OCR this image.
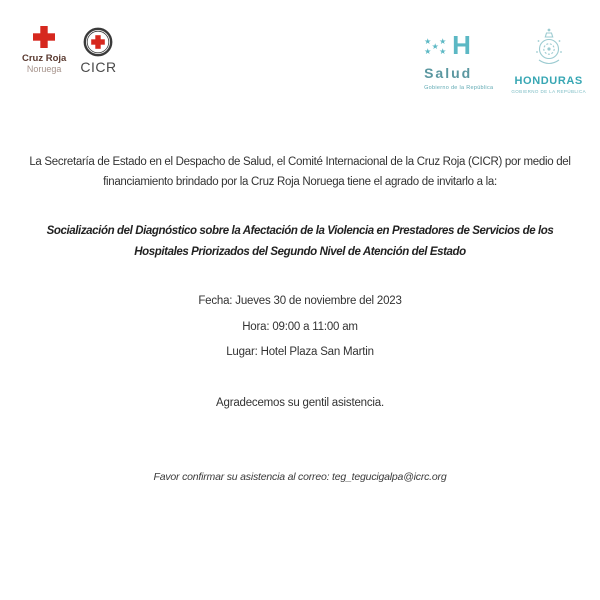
Cruz Roja
Noruega CICR
★ ★
★
★ ★ H
Salud
Gobierno de la República
HONDURAS
GOBIERNO DE LA REPÚBLICA

La Secretaría de Estado en el Despacho de Salud, el Comité Internacional de la Cruz Roja (CICR) por medio del
financiamiento brindado por la Cruz Roja Noruega tiene el agrado de invitarlo a la:

Socialización del Diagnóstico sobre la Afectación de la Violencia en Prestadores de Servicios de los
Hospitales Priorizados del Segundo Nivel de Atención del Estado

Fecha: Jueves 30 de noviembre del 2023

Hora: 09:00 a 11:00 am

Lugar: Hotel Plaza San Martin

Agradecemos su gentil asistencia.

Favor confirmar su asistencia al correo: teg_tegucigalpa@icrc.org
